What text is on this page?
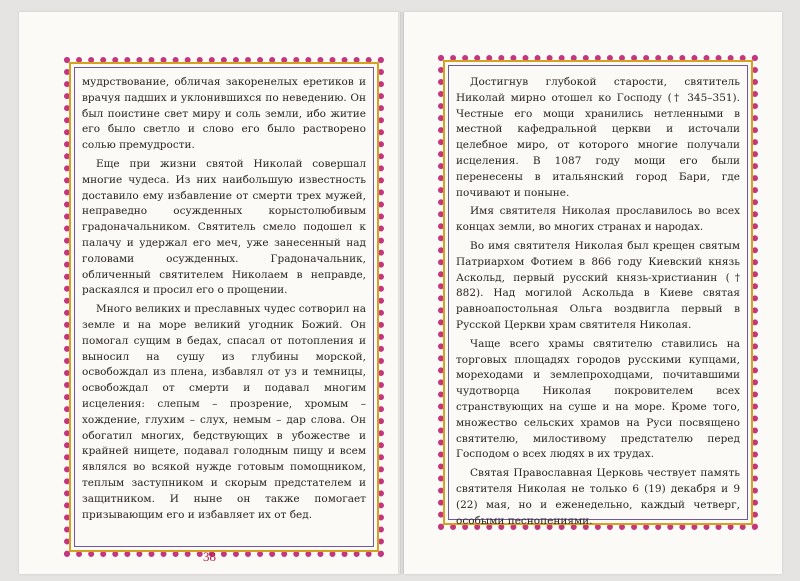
мудрствование, обличая закоренелых еретиков и врачуя падших и уклонившихся по неведению. Он был поистине свет миру и соль земли, ибо житие его было светло и слово его было растворено солью премудрости.

Еще при жизни святой Николай совершал многие чудеса. Из них наибольшую известность доставило ему избавление от смерти трех мужей, неправедно осужденных корыстолюбивым градоначальником. Святитель смело подошел к палачу и удержал его меч, уже занесенный над головами осужденных. Градоначальник, обличенный святителем Николаем в неправде, раскаялся и просил его о прощении.

Много великих и преславных чудес сотворил на земле и на море великий угодник Божий. Он помогал сущим в бедах, спасал от потопления и выносил на сушу из глубины морской, освобождал из плена, избавлял от уз и темницы, освобождал от смерти и подавал многим исцеления: слепым – прозрение, хромым – хождение, глухим – слух, немым – дар слова. Он обогатил многих, бедствующих в убожестве и крайней нищете, подавал голодным пищу и всем являлся во всякой нужде готовым помощником, теплым заступником и скорым предстателем и защитником. И ныне он также помогает призывающим его и избавляет их от бед.

38

Достигнув глубокой старости, святитель Николай мирно отошел ко Господу († 345–351). Честные его мощи хранились нетленными в местной кафедральной церкви и источали целебное миро, от которого многие получали исцеления. В 1087 году мощи его были перенесены в итальянский город Бари, где почивают и поныне.

Имя святителя Николая прославилось во всех концах земли, во многих странах и народах.

Во имя святителя Николая был крещен святым Патриархом Фотием в 866 году Киевский князь Аскольд, первый русский князь-христианин († 882). Над могилой Аскольда в Киеве святая равноапостольная Ольга воздвигла первый в Русской Церкви храм святителя Николая.

Чаще всего храмы святителю ставились на торговых площадях городов русскими купцами, мореходами и землепроходцами, почитавшими чудотворца Николая покровителем всех странствующих на суше и на море. Кроме того, множество сельских храмов на Руси посвящено святителю, милостивому предстателю перед Господом о всех людях в их трудах.

Святая Православная Церковь чествует память святителя Николая не только 6 (19) декабря и 9 (22) мая, но и еженедельно, каждый четверг, особыми песнопениями.
